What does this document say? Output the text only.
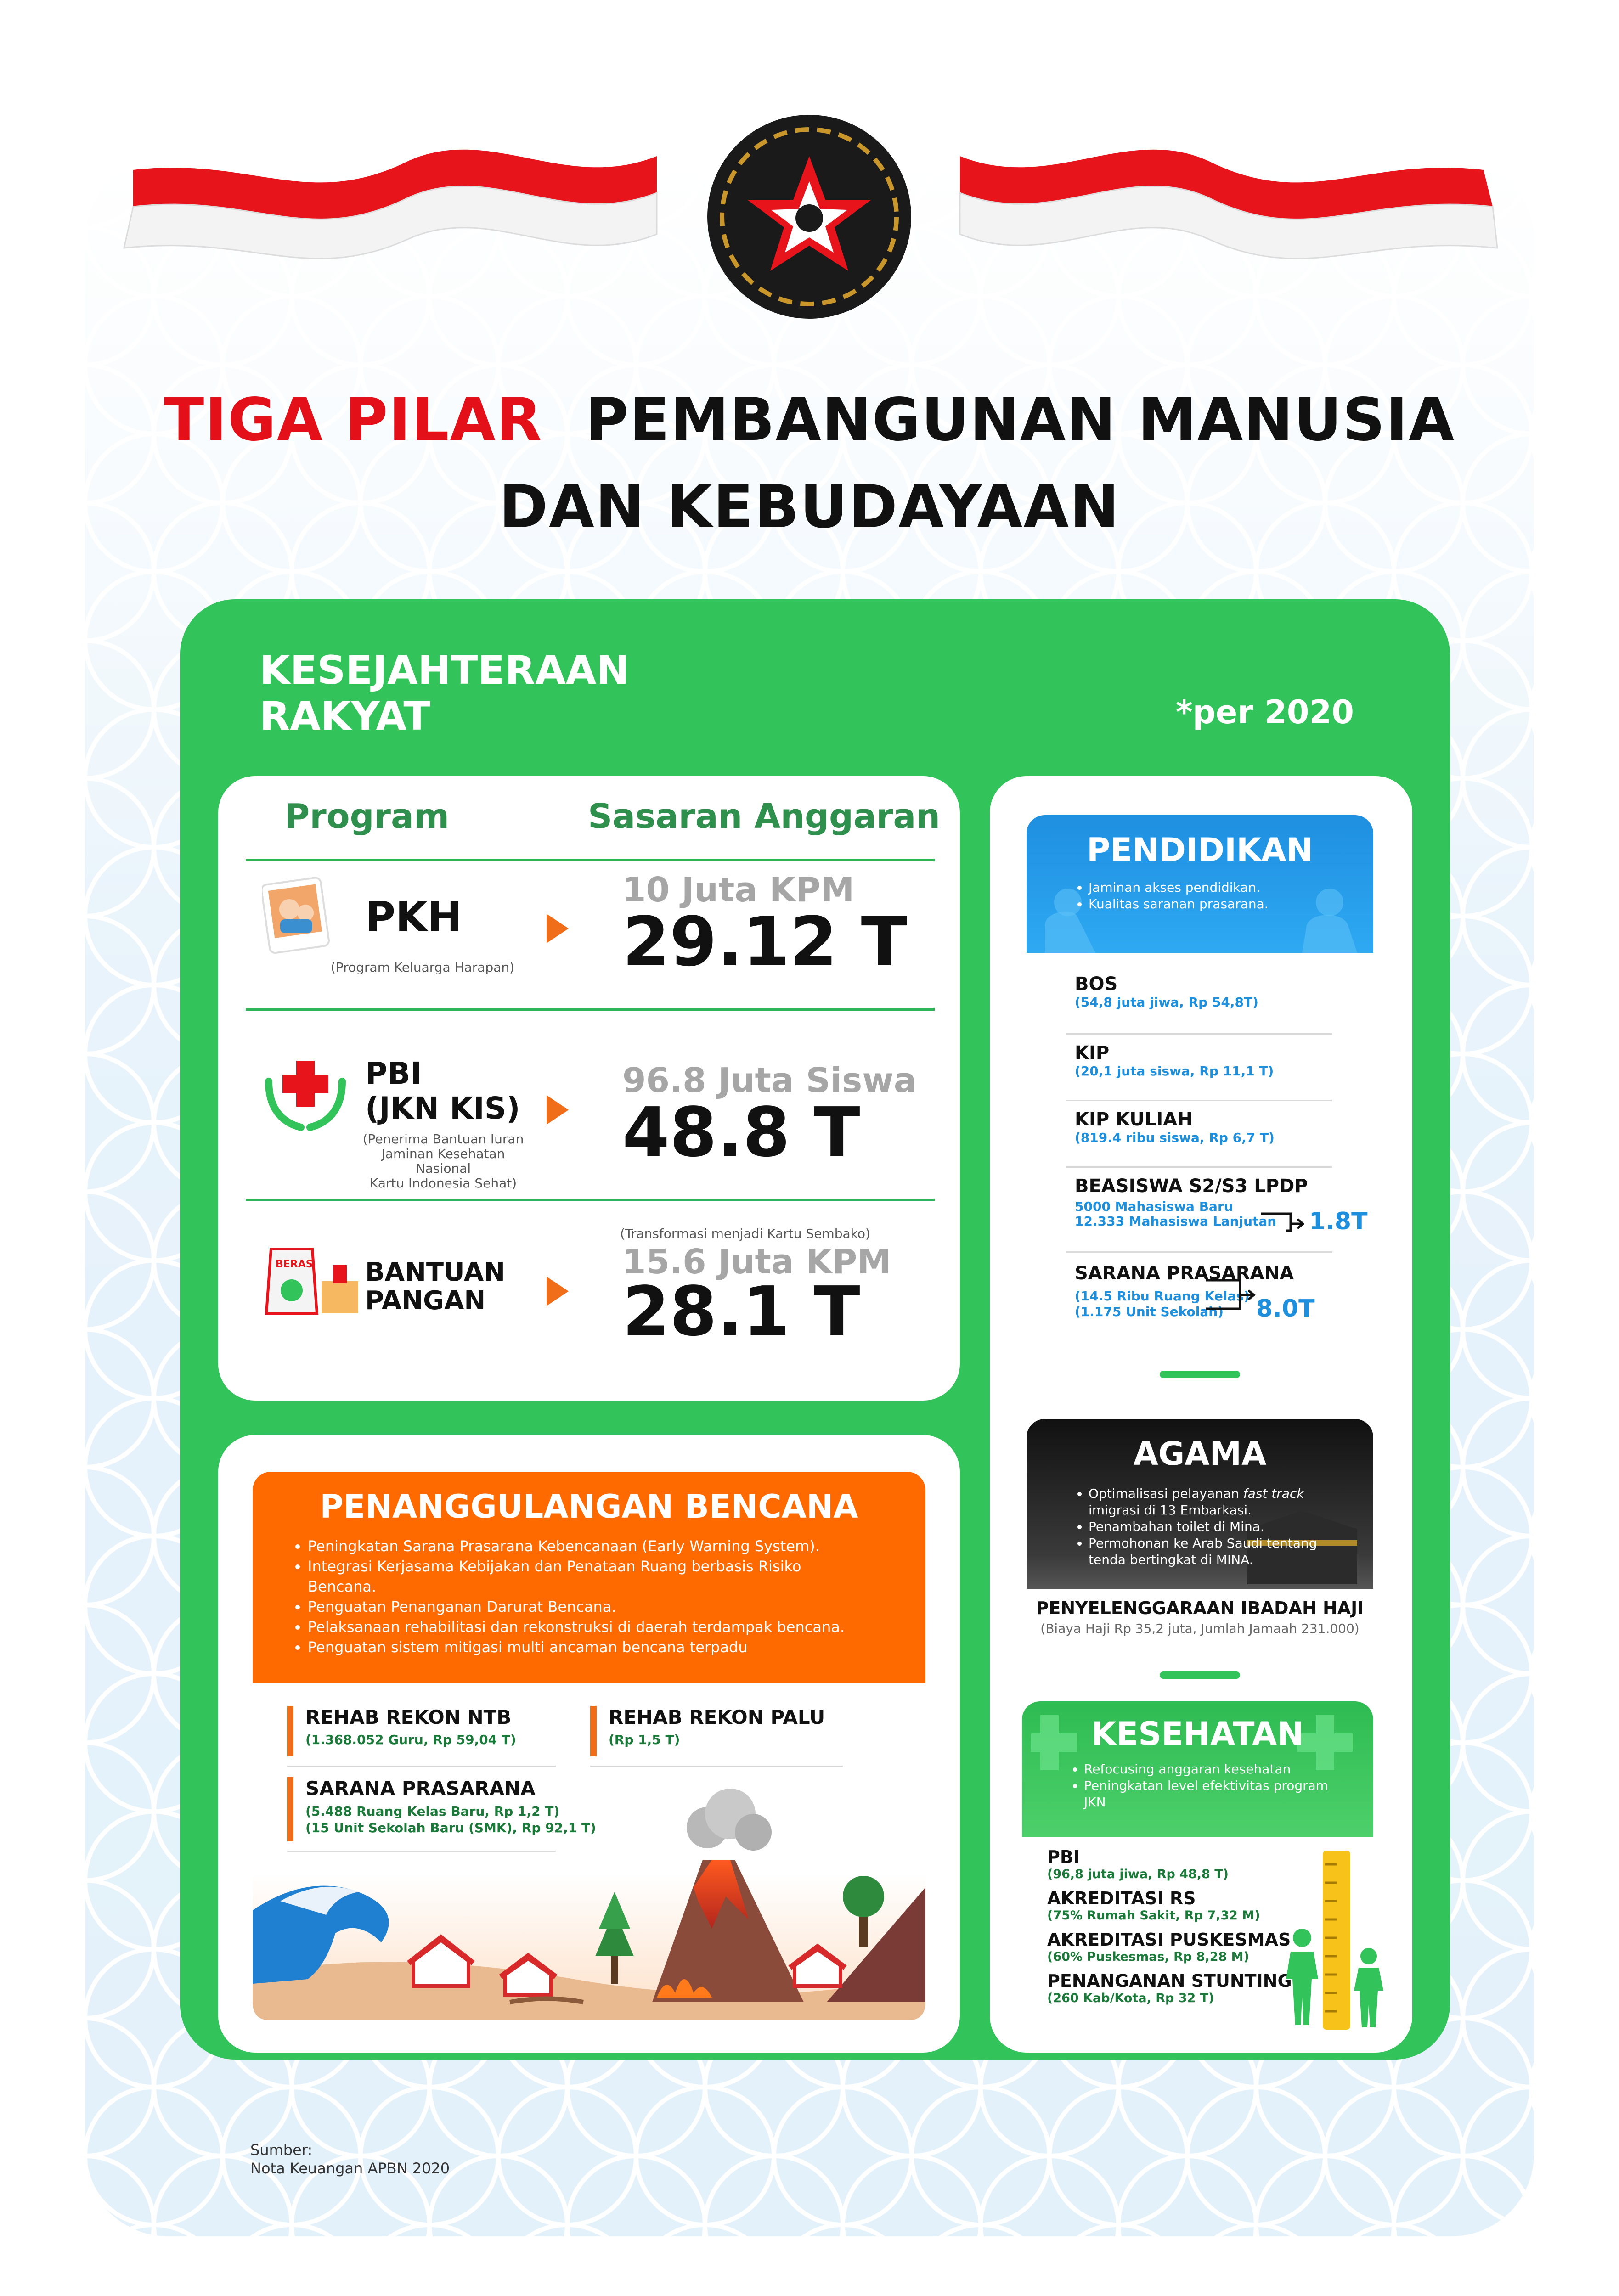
TIGA PILAR PEMBANGUNAN MANUSIA
DAN KEBUDAYAAN
KESEJAHTERAAN
RAKYAT	*per 2020
Program	Sasaran Anggaran
PKH
(Program Keluarga Harapan)
10 Juta KPM
29.12 T
PBI
(JKN KIS)
(Penerima Bantuan Iuran
Jaminan Kesehatan Nasional
Kartu Indonesia Sehat)
96.8 Juta Siswa
48.8 T
BERAS BANTUAN
PANGAN
(Transformasi menjadi Kartu Sembako)
15.6 Juta KPM
28.1 T
PENDIDIKAN
• Jaminan akses pendidikan.
• Kualitas saranan prasarana.
BOS
(54,8 juta jiwa, Rp 54,8T)
KIP
(20,1 juta siswa, Rp 11,1 T)
KIP KULIAH
(819.4 ribu siswa, Rp 6,7 T)
BEASISWA S2/S3 LPDP
5000 Mahasiswa Baru
12.333 Mahasiswa Lanjutan	1.8T
SARANA PRASARANA
(14.5 Ribu Ruang Kelas)
(1.175 Unit Sekolah)	8.0T
AGAMA
• Optimalisasi pelayanan fast track
imigrasi di 13 Embarkasi.
• Penambahan toilet di Mina.
• Permohonan ke Arab Saudi tentang
tenda bertingkat di MINA.
PENYELENGGARAAN IBADAH HAJI
(Biaya Haji Rp 35,2 juta, Jumlah Jamaah 231.000)
KESEHATAN
• Refocusing anggaran kesehatan
• Peningkatan level efektivitas program
JKN
PBI
(96,8 juta jiwa, Rp 48,8 T)
AKREDITASI RS
(75% Rumah Sakit, Rp 7,32 M)
AKREDITASI PUSKESMAS
(60% Puskesmas, Rp 8,28 M)
PENANGANAN STUNTING
(260 Kab/Kota, Rp 32 T)
PENANGGULANGAN BENCANA
• Peningkatan Sarana Prasarana Kebencanaan (Early Warning System).
• Integrasi Kerjasama Kebijakan dan Penataan Ruang berbasis Risiko
Bencana.
• Penguatan Penanganan Darurat Bencana.
• Pelaksanaan rehabilitasi dan rekonstruksi di daerah terdampak bencana.
• Penguatan sistem mitigasi multi ancaman bencana terpadu
REHAB REKON NTB
(1.368.052 Guru, Rp 59,04 T)
REHAB REKON PALU
(Rp 1,5 T)
SARANA PRASARANA
(5.488 Ruang Kelas Baru, Rp 1,2 T)
(15 Unit Sekolah Baru (SMK), Rp 92,1 T)
Sumber:
Nota Keuangan APBN 2020
